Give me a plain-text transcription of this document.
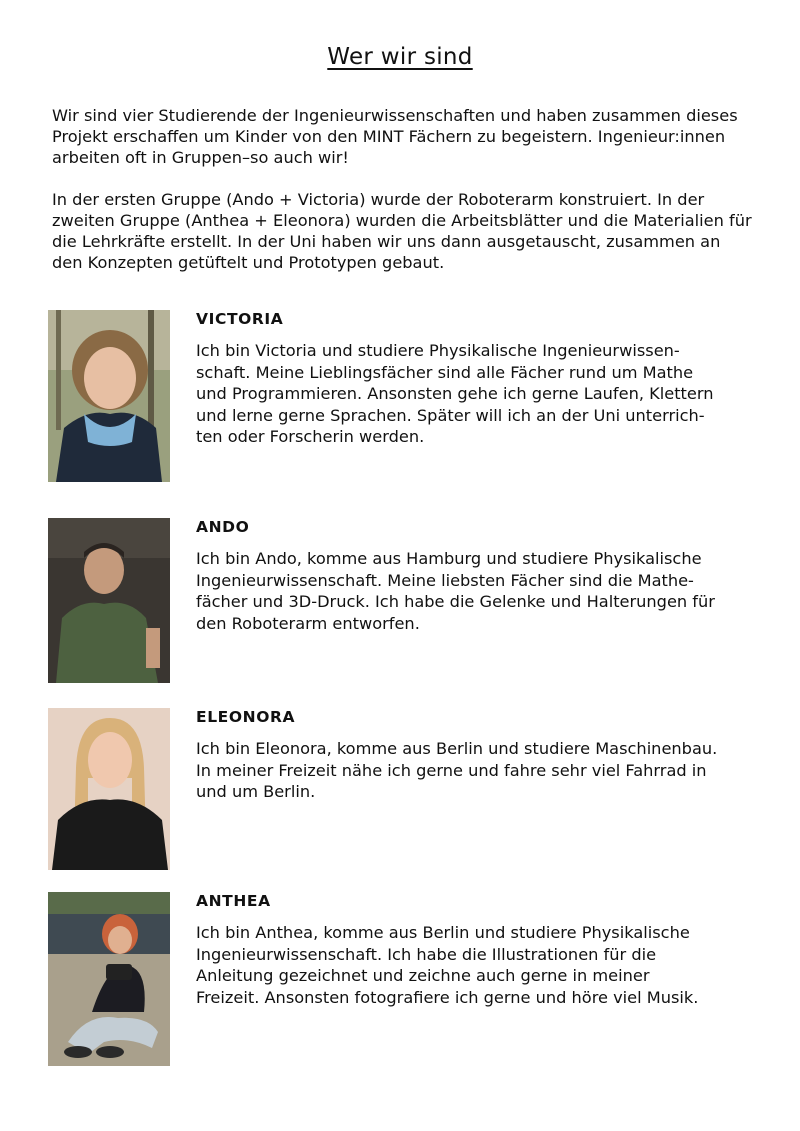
Wer wir sind

Wir sind vier Studierende der Ingenieurwissenschaften und haben zusammen dieses Projekt erschaffen um Kinder von den MINT Fächern zu begeistern. Ingenieur:innen arbeiten oft in Gruppen–so auch wir!

In der ersten Gruppe (Ando + Victoria) wurde der Roboterarm konstruiert. In der zweiten Gruppe (Anthea + Eleonora) wurden die Arbeitsblätter und die Materialien für die Lehrkräfte erstellt. In der Uni haben wir uns dann ausgetauscht, zusammen an den Konzepten getüftelt und Prototypen gebaut.

VICTORIA

Ich bin Victoria und studiere Physikalische Ingenieurwissen-
schaft. Meine Lieblingsfächer sind alle Fächer rund um Mathe
und Programmieren. Ansonsten gehe ich gerne Laufen, Klettern
und lerne gerne Sprachen. Später will ich an der Uni unterrich-
ten oder Forscherin werden.

ANDO

Ich bin Ando, komme aus Hamburg und studiere Physikalische
Ingenieurwissenschaft. Meine liebsten Fächer sind die Mathe-
fächer und 3D-Druck. Ich habe die Gelenke und Halterungen für
den Roboterarm entworfen.

ELEONORA

Ich bin Eleonora, komme aus Berlin und studiere Maschinenbau.
In meiner Freizeit nähe ich gerne und fahre sehr viel Fahrrad in
und um Berlin.

ANTHEA

Ich bin Anthea, komme aus Berlin und studiere Physikalische
Ingenieurwissenschaft. Ich habe die Illustrationen für die
Anleitung gezeichnet und zeichne auch gerne in meiner
Freizeit. Ansonsten fotografiere ich gerne und höre viel Musik.
